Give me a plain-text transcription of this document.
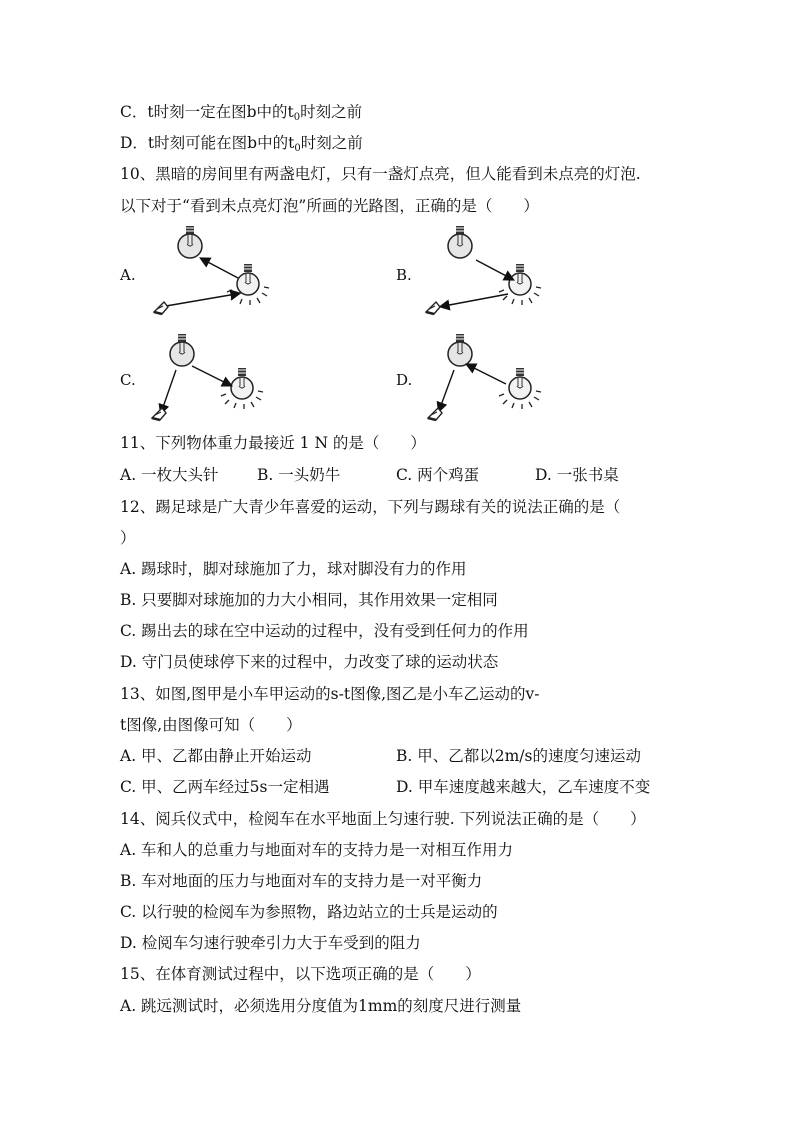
C．t时刻一定在图b中的$t_0$时刻之前
D．t时刻可能在图b中的$t_0$时刻之前
10、黑暗的房间里有两盏电灯，只有一盏灯点亮，但人能看到未点亮的灯泡.
以下对于“看到未点亮灯泡”所画的光路图，正确的是（　　）
A.	B.
C.	D.
11、下列物体重力最接近 1 N 的是（　　）
A. 一枚大头针 B. 一头奶牛	C. 两个鸡蛋	D. 一张书桌
12、踢足球是广大青少年喜爱的运动，下列与踢球有关的说法正确的是（
）
A. 踢球时，脚对球施加了力，球对脚没有力的作用
B. 只要脚对球施加的力大小相同，其作用效果一定相同
C. 踢出去的球在空中运动的过程中，没有受到任何力的作用
D. 守门员使球停下来的过程中，力改变了球的运动状态
13、如图,图甲是小车甲运动的s-t图像,图乙是小车乙运动的v-
t图像,由图像可知（　　）
A. 甲、乙都由静止开始运动	B. 甲、乙都以2m/s的速度匀速运动
C. 甲、乙两车经过5s一定相遇	D. 甲车速度越来越大，乙车速度不变
14、阅兵仪式中，检阅车在水平地面上匀速行驶. 下列说法正确的是（　　）
A. 车和人的总重力与地面对车的支持力是一对相互作用力
B. 车对地面的压力与地面对车的支持力是一对平衡力
C. 以行驶的检阅车为参照物，路边站立的士兵是运动的
D. 检阅车匀速行驶牵引力大于车受到的阻力
15、在体育测试过程中，以下选项正确的是（　　）
A. 跳远测试时，必须选用分度值为1mm的刻度尺进行测量
